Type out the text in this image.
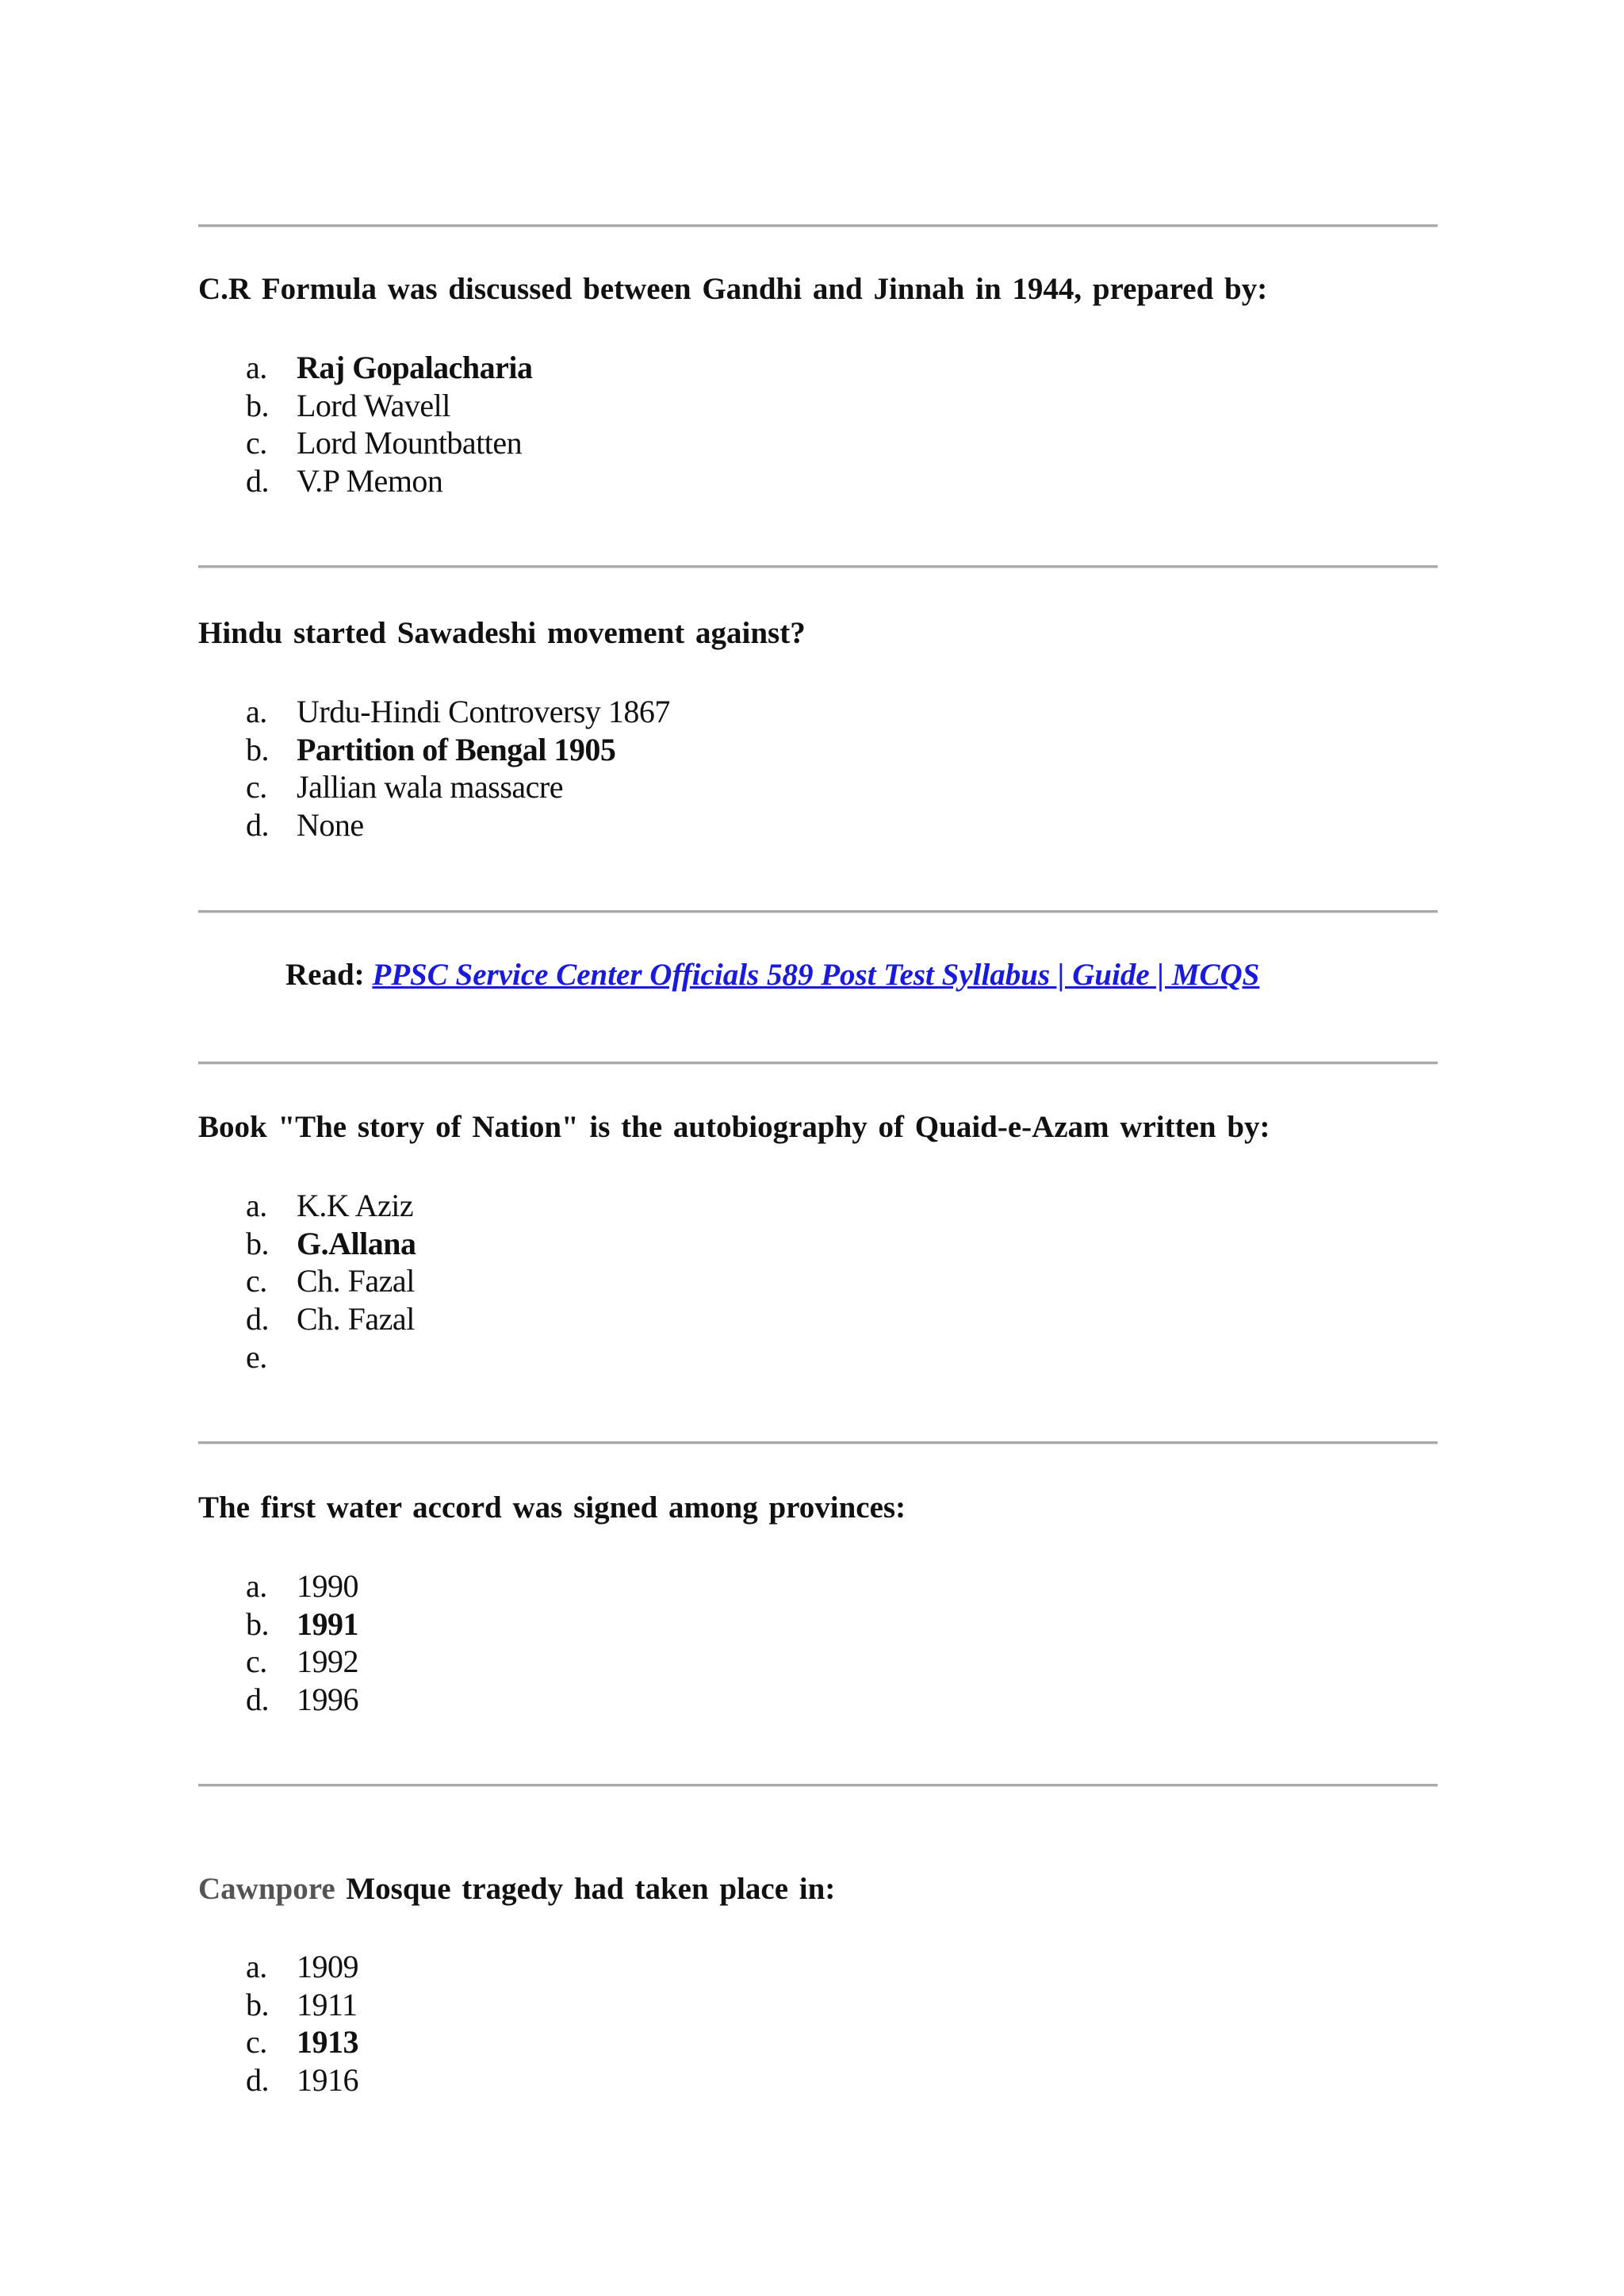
C.R Formula was discussed between Gandhi and Jinnah in 1944, prepared by:

a. Raj Gopalacharia
b. Lord Wavell
c. Lord Mountbatten
d. V.P Memon

Hindu started Sawadeshi movement against?

a. Urdu-Hindi Controversy 1867
b. Partition of Bengal 1905
c. Jallian wala massacre
d. None

Read: PPSC Service Center Officials 589 Post Test Syllabus | Guide | MCQS

Book "The story of Nation" is the autobiography of Quaid-e-Azam written by:

a. K.K Aziz
b. G.Allana
c. Ch. Fazal
d. Ch. Fazal
e.

The first water accord was signed among provinces:

a. 1990
b. 1991
c. 1992
d. 1996

Cawnpore Mosque tragedy had taken place in:

a. 1909
b. 1911
c. 1913
d. 1916
